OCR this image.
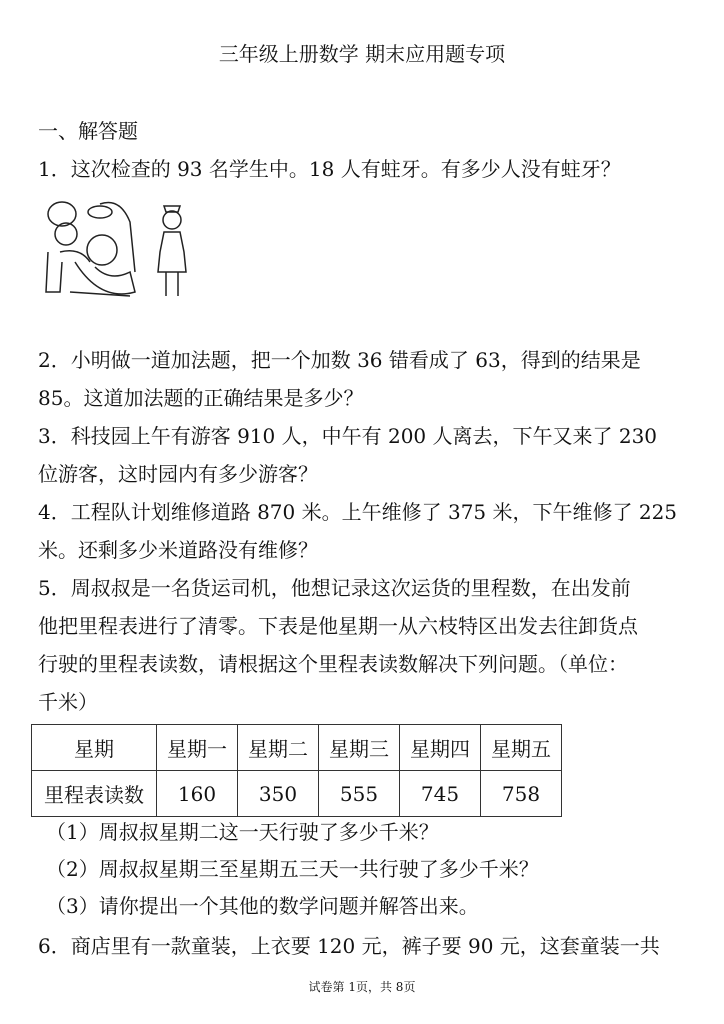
三年级上册数学 期末应用题专项
一、解答题
1．这次检查的 93 名学生中。18 人有蛀牙。有多少人没有蛀牙？
2．小明做一道加法题，把一个加数 36 错看成了 63，得到的结果是
85。这道加法题的正确结果是多少？
3．科技园上午有游客 910 人，中午有 200 人离去，下午又来了 230
位游客，这时园内有多少游客？
4．工程队计划维修道路 870 米。上午维修了 375 米，下午维修了 225
米。还剩多少米道路没有维修？
5．周叔叔是一名货运司机，他想记录这次运货的里程数，在出发前
他把里程表进行了清零。下表是他星期一从六枝特区出发去往卸货点
行驶的里程表读数，请根据这个里程表读数解决下列问题。（单位：
千米）
星期	星期一	星期二	星期三	星期四	星期五
里程表读数	160	350	555	745	758
（1）周叔叔星期二这一天行驶了多少千米？
（2）周叔叔星期三至星期五三天一共行驶了多少千米？
（3）请你提出一个其他的数学问题并解答出来。
6．商店里有一款童装，上衣要 120 元，裤子要 90 元，这套童装一共
试卷第 1页，共 8页
